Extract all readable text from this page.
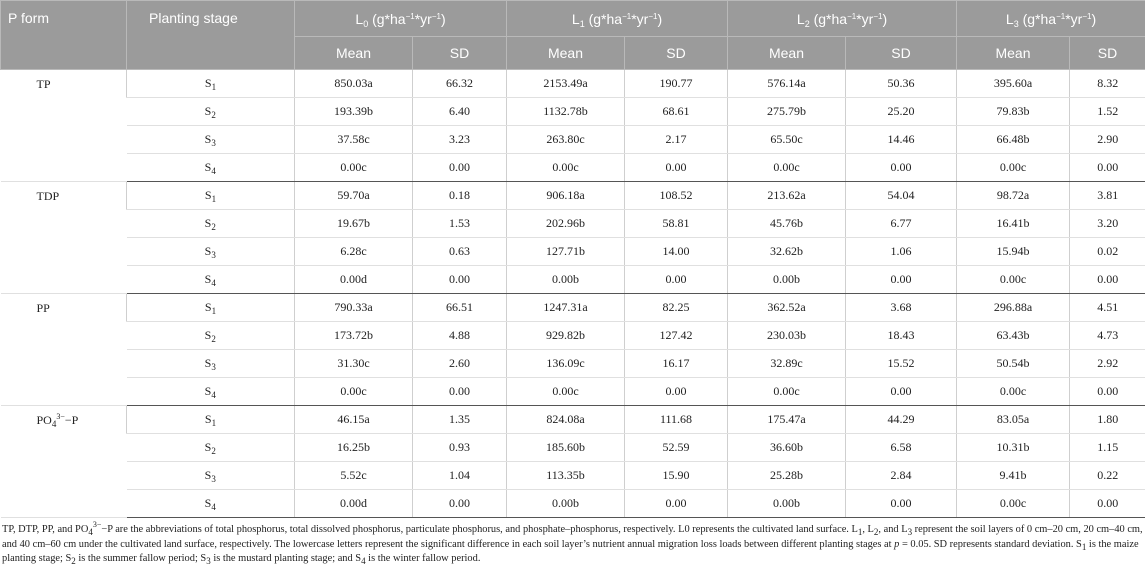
P form	Planting stage	$L_0$ $(g*ha^{-1}*yr^{-1})$		$L_1$ $(g*ha^{-1}*yr^{-1})$		$L_2$ $(g*ha^{-1}*yr^{-1})$		$L_3$ $(g*ha^{-1}*yr^{-1})$	
		Mean	SD	Mean	SD	Mean	SD	Mean	SD
TP	$S_1$	850.03a	66.32	2153.49a	190.77	576.14a	50.36	395.60a	8.32
	$S_2$	193.39b	6.40	1132.78b	68.61	275.79b	25.20	79.83b	1.52
	$S_3$	37.58c	3.23	263.80c	2.17	65.50c	14.46	66.48b	2.90
	$S_4$	0.00c	0.00	0.00c	0.00	0.00c	0.00	0.00c	0.00
TDP	$S_1$	59.70a	0.18	906.18a	108.52	213.62a	54.04	98.72a	3.81
	$S_2$	19.67b	1.53	202.96b	58.81	45.76b	6.77	16.41b	3.20
	$S_3$	6.28c	0.63	127.71b	14.00	32.62b	1.06	15.94b	0.02
	$S_4$	0.00d	0.00	0.00b	0.00	0.00b	0.00	0.00c	0.00
PP	$S_1$	790.33a	66.51	1247.31a	82.25	362.52a	3.68	296.88a	4.51
	$S_2$	173.72b	4.88	929.82b	127.42	230.03b	18.43	63.43b	4.73
	$S_3$	31.30c	2.60	136.09c	16.17	32.89c	15.52	50.54b	2.92
	$S_4$	0.00c	0.00	0.00c	0.00	0.00c	0.00	0.00c	0.00
$PO_4^{3-}-P$	$S_1$	46.15a	1.35	824.08a	111.68	175.47a	44.29	83.05a	1.80
	$S_2$	16.25b	0.93	185.60b	52.59	36.60b	6.58	10.31b	1.15
	$S_3$	5.52c	1.04	113.35b	15.90	25.28b	2.84	9.41b	0.22
	$S_4$	0.00d	0.00	0.00b	0.00	0.00b	0.00	0.00c	0.00

TP, DTP, PP, and $PO_4^{3-}-P$ are the abbreviations of total phosphorus, total dissolved phosphorus, particulate phosphorus, and phosphate–phosphorus, respectively. L0 represents the cultivated land surface. $L_1$, $L_2$, and $L_3$ represent the soil layers of 0 cm–20 cm, 20 cm–40 cm, and 40 cm–60 cm under the cultivated land surface, respectively. The lowercase letters represent the significant difference in each soil layer’s nutrient annual migration loss loads between different planting stages at p = 0.05. SD represents standard deviation. $S_1$ is the maize planting stage; $S_2$ is the summer fallow period; $S_3$ is the mustard planting stage; and $S_4$ is the winter fallow period.
